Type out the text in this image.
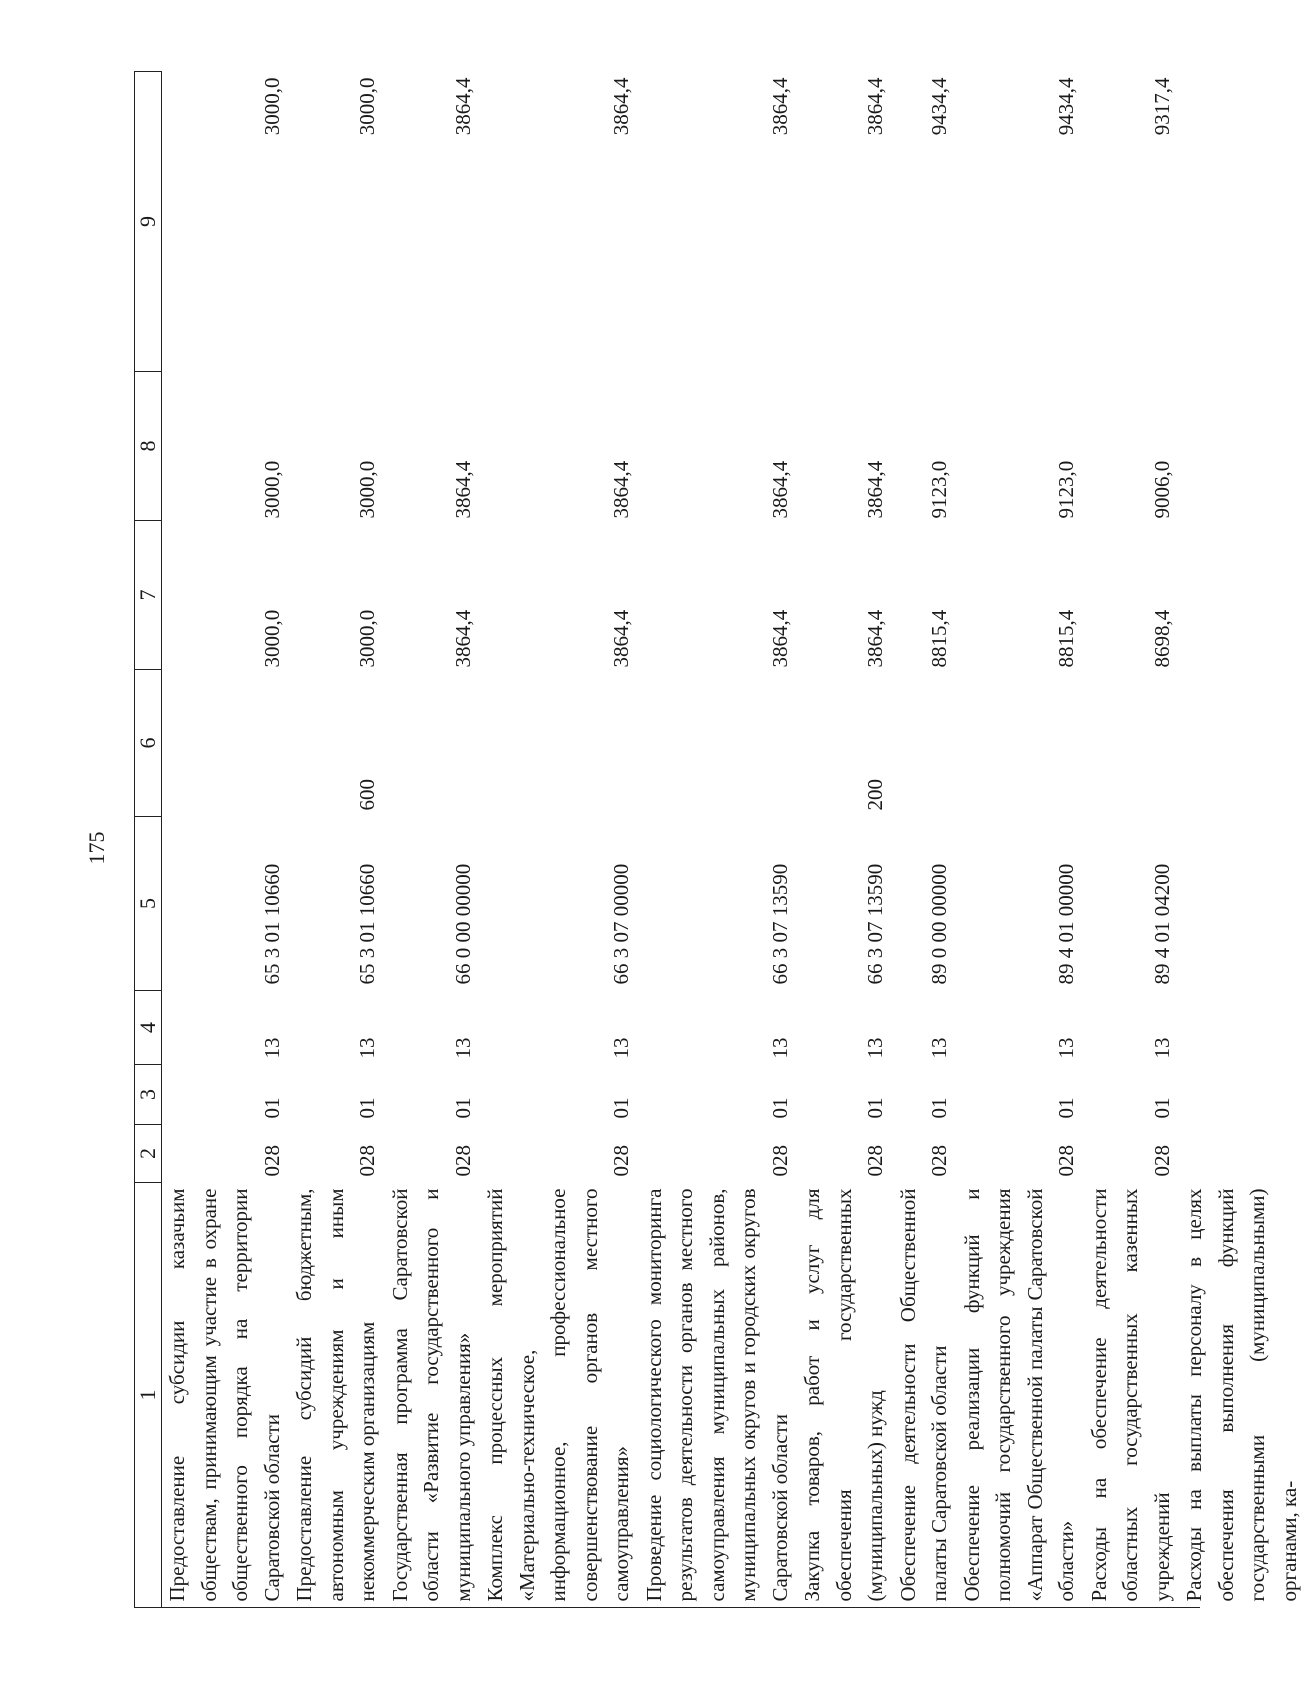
175
1	2	3	4	5	6	7	8	9
Предоставление субсидии казачьим обществам, принимающим участие в охране общественного порядка на территории Саратовской области	028	01	13	65 3 01 10660		3000,0	3000,0	3000,0
Предоставление субсидий бюджетным, автономным учреждениям и иным некоммерческим организациям	028	01	13	65 3 01 10660	600	3000,0	3000,0	3000,0
Государственная программа Саратовской области «Развитие государственного и муниципального управления»	028	01	13	66 0 00 00000		3864,4	3864,4	3864,4
Комплекс процессных мероприятий «Материально-техническое, информационное, профессиональное совершенствование органов местного самоуправления»	028	01	13	66 3 07 00000		3864,4	3864,4	3864,4
Проведение социологического мониторинга результатов деятельности органов местного самоуправления муниципальных районов, муниципальных округов и городских округов Саратовской области	028	01	13	66 3 07 13590		3864,4	3864,4	3864,4
Закупка товаров, работ и услуг для обеспечения государственных (муниципальных) нужд	028	01	13	66 3 07 13590	200	3864,4	3864,4	3864,4
Обеспечение деятельности Общественной палаты Саратовской области	028	01	13	89 0 00 00000		8815,4	9123,0	9434,4
Обеспечение реализации функций и полномочий государственного учреждения «Аппарат Общественной палаты Саратовской области»	028	01	13	89 4 01 00000		8815,4	9123,0	9434,4
Расходы на обеспечение деятельности областных государственных казенных учреждений	028	01	13	89 4 01 04200		8698,4	9006,0	9317,4
Расходы на выплаты персоналу в целях обеспечения выполнения функций государственными (муниципальными) органами, ка-								
